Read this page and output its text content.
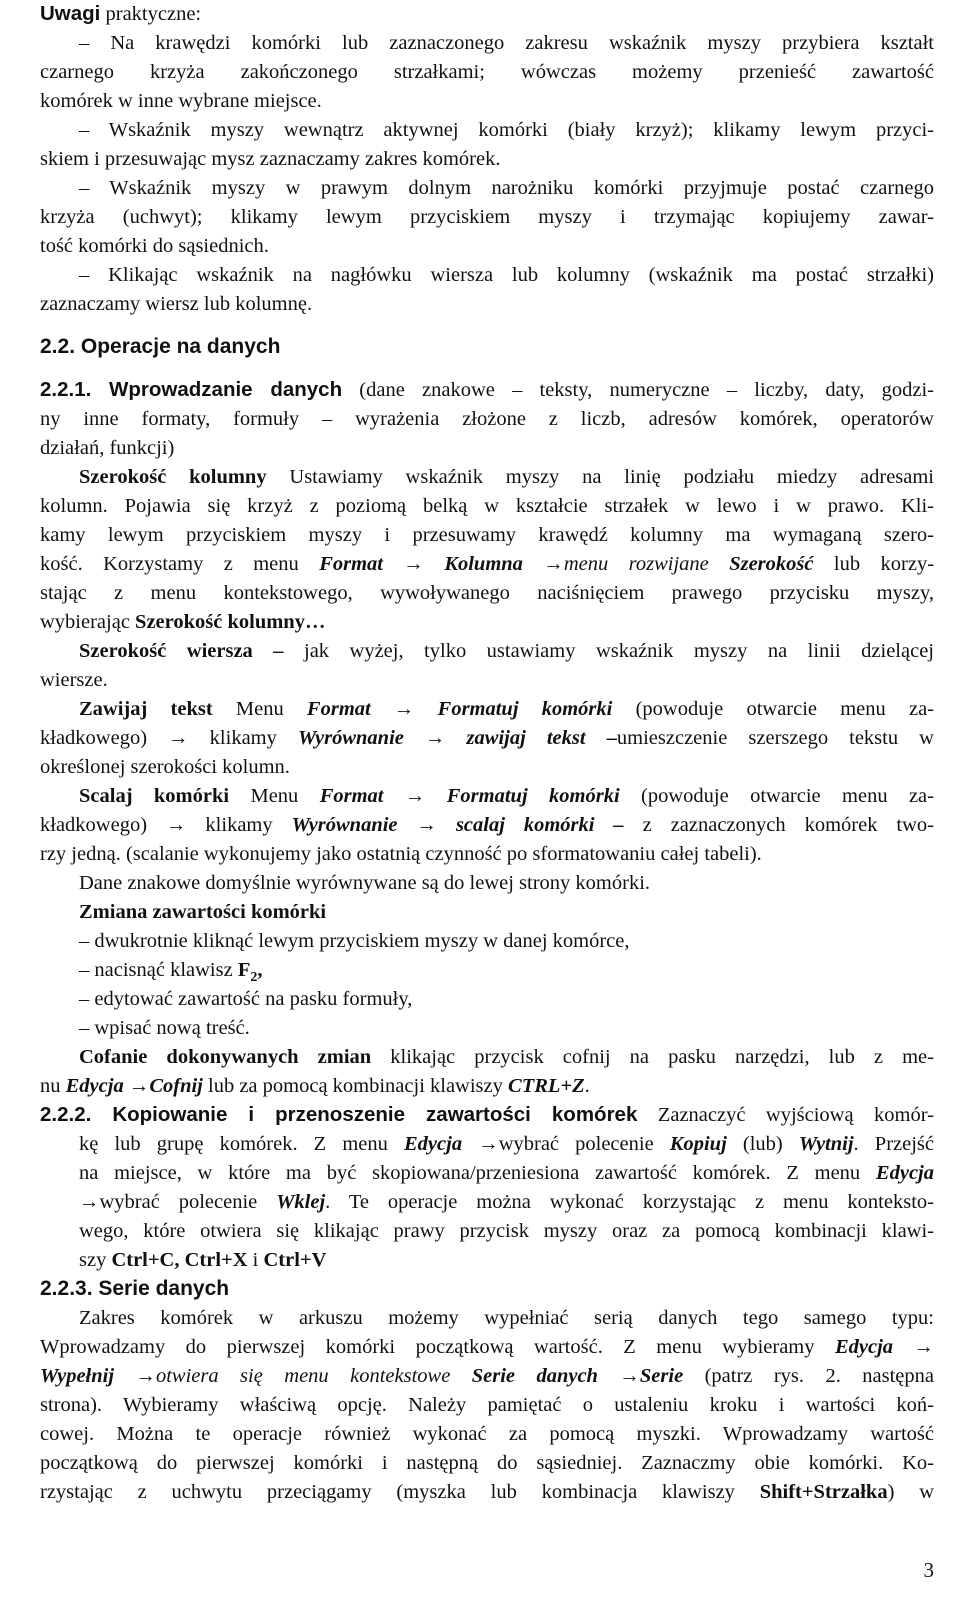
Uwagi praktyczne:
– Na krawędzi komórki lub zaznaczonego zakresu wskaźnik myszy przybiera kształt
czarnego krzyża zakończonego strzałkami; wówczas możemy przenieść zawartość
komórek w inne wybrane miejsce.
– Wskaźnik myszy wewnątrz aktywnej komórki (biały krzyż); klikamy lewym przyci-
skiem i przesuwając mysz zaznaczamy zakres komórek.
– Wskaźnik myszy w prawym dolnym narożniku komórki przyjmuje postać czarnego
krzyża (uchwyt); klikamy lewym przyciskiem myszy i trzymając kopiujemy zawar-
tość komórki do sąsiednich.
– Klikając wskaźnik na nagłówku wiersza lub kolumny (wskaźnik ma postać strzałki)
zaznaczamy wiersz lub kolumnę.
2.2. Operacje na danych
2.2.1. Wprowadzanie danych (dane znakowe – teksty, numeryczne – liczby, daty, godzi-
ny inne formaty, formuły – wyrażenia złożone z liczb, adresów komórek, operatorów
działań, funkcji)
Szerokość kolumny Ustawiamy wskaźnik myszy na linię podziału miedzy adresami
kolumn. Pojawia się krzyż z poziomą belką w kształcie strzałek w lewo i w prawo. Kli-
kamy lewym przyciskiem myszy i przesuwamy krawędź kolumny ma wymaganą szero-
kość. Korzystamy z menu Format → Kolumna →menu rozwijane Szerokość lub korzy-
stając z menu kontekstowego, wywoływanego naciśnięciem prawego przycisku myszy,
wybierając Szerokość kolumny…
Szerokość wiersza – jak wyżej, tylko ustawiamy wskaźnik myszy na linii dzielącej
wiersze.
Zawijaj tekst Menu Format → Formatuj komórki (powoduje otwarcie menu za-
kładkowego) → klikamy Wyrównanie → zawijaj tekst –umieszczenie szerszego tekstu w
określonej szerokości kolumn.
Scalaj komórki Menu Format → Formatuj komórki (powoduje otwarcie menu za-
kładkowego) → klikamy Wyrównanie → scalaj komórki – z zaznaczonych komórek two-
rzy jedną. (scalanie wykonujemy jako ostatnią czynność po sformatowaniu całej tabeli).
Dane znakowe domyślnie wyrównywane są do lewej strony komórki.
Zmiana zawartości komórki
– dwukrotnie kliknąć lewym przyciskiem myszy w danej komórce,
– nacisnąć klawisz $F_2$,
– edytować zawartość na pasku formuły,
– wpisać nową treść.
Cofanie dokonywanych zmian klikając przycisk cofnij na pasku narzędzi, lub z me-
nu Edycja →Cofnij lub za pomocą kombinacji klawiszy CTRL+Z.
2.2.2. Kopiowanie i przenoszenie zawartości komórek Zaznaczyć wyjściową komór-
kę lub grupę komórek. Z menu Edycja →wybrać polecenie Kopiuj (lub) Wytnij. Przejść
na miejsce, w które ma być skopiowana/przeniesiona zawartość komórek. Z menu Edycja
→wybrać polecenie Wklej. Te operacje można wykonać korzystając z menu konteksto-
wego, które otwiera się klikając prawy przycisk myszy oraz za pomocą kombinacji klawi-
szy Ctrl+C, Ctrl+X i Ctrl+V
2.2.3. Serie danych
Zakres komórek w arkuszu możemy wypełniać serią danych tego samego typu:
Wprowadzamy do pierwszej komórki początkową wartość. Z menu wybieramy Edycja →
Wypełnij →otwiera się menu kontekstowe Serie danych →Serie (patrz rys. 2. następna
strona). Wybieramy właściwą opcję. Należy pamiętać o ustaleniu kroku i wartości koń-
cowej. Można te operacje również wykonać za pomocą myszki. Wprowadzamy wartość
początkową do pierwszej komórki i następną do sąsiedniej. Zaznaczmy obie komórki. Ko-
rzystając z uchwytu przeciągamy (myszka lub kombinacja klawiszy Shift+Strzałka) w
3
